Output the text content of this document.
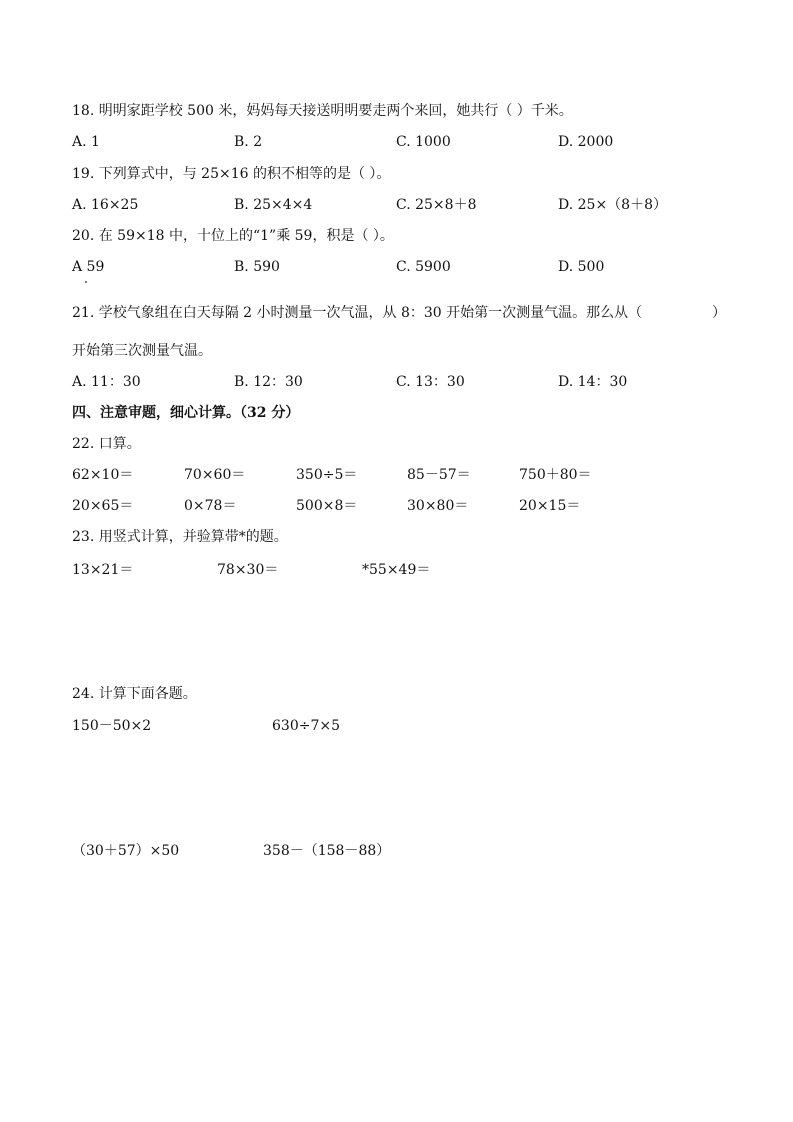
18. 明明家距学校 500 米，妈妈每天接送明明要走两个来回，她共行（ ）千米。
A. 1	B. 2	C. 1000	D. 2000
19. 下列算式中，与 25×16 的积不相等的是（ ）。
A. 16×25	B. 25×4×4	C. 25×8＋8	D. 25×（8＋8）
20. 在 59×18 中，十位上的“1”乘 59，积是（ ）。
A 59	B. 590	C. 5900	D. 500
21. 学校气象组在白天每隔 2 小时测量一次气温，从 8：30 开始第一次测量气温。那么从（	）
开始第三次测量气温。
A. 11：30	B. 12：30	C. 13：30	D. 14：30
四、注意审题，细心计算。（32 分）
22. 口算。
62×10＝	70×60＝	350÷5＝	85－57＝	750＋80＝
20×65＝	0×78＝	500×8＝	30×80＝	20×15＝
23. 用竖式计算，并验算带*的题。
13×21＝	78×30＝	*55×49＝
24. 计算下面各题。
150－50×2	630÷7×5
（30＋57）×50	358－（158－88）
